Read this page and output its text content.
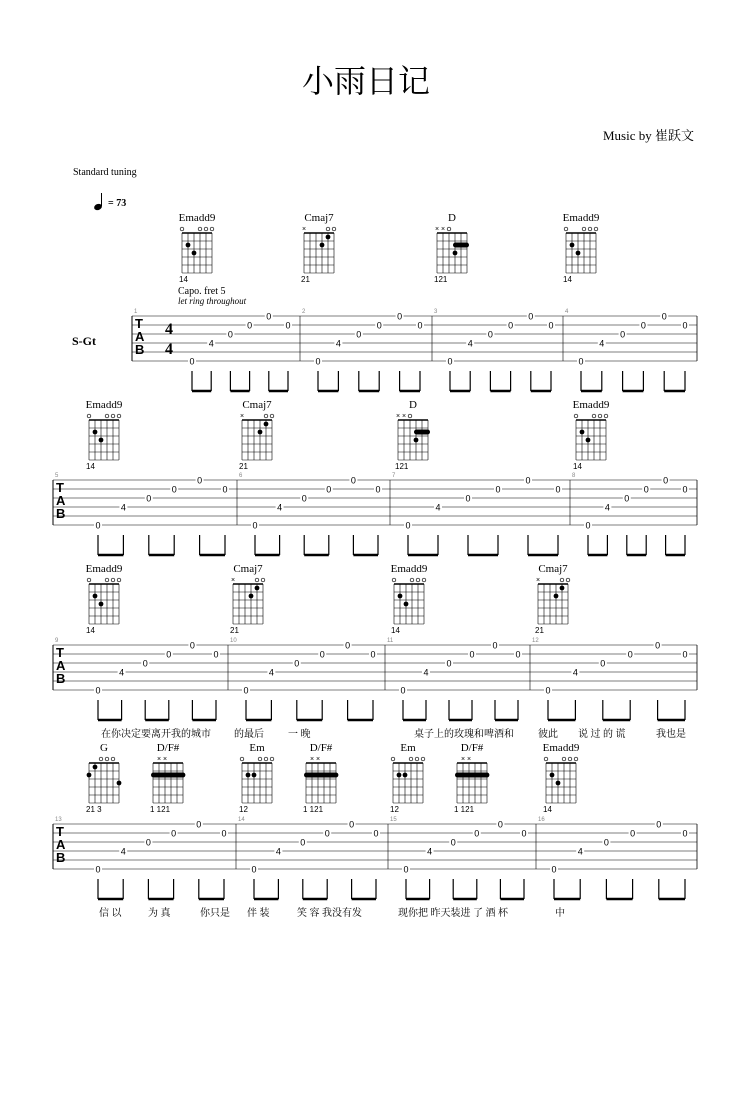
小雨日记
Music by 崔跃文
Standard tuning
= 73
Capo. fret 5
let ring throughout
S-Gt
Emadd9
14
Cmaj7
×
21
D
× ×
121
Emadd9
14
Emadd9
14
Cmaj7
×
21
D
× ×
121
Emadd9
14
Emadd9
14
Cmaj7
×
21
Emadd9
14
Cmaj7
×
21
G
21 3
D/F#
× ×
1 121
Em
12
D/F#
× ×
1 121
Em
12
D/F#
× ×
1 121
Emadd9
14
1	2	3	4
T
A
B
4
4
0
4
0
0
0
0
0
4
0
0
0
0
0
4
0
0
0
0
0
4
0
0
0
0
5	6	7	8
T
A
B
0
4
0
0
0
0
0
4
0
0
0
0
0
4
0
0
0
0
0
4
0
0
0
0
9	10	11	12
T
A
B
0
4
0
0
0
0
0
4
0
0
0
0
0
4
0
0
0
0
0
4
0
0
0
0
13	14	15	16
T
A
B
0
4
0
0
0
0
0
4
0
0
0
0
0
4
0
0
0
0
0
4
0
0
0
0
在你决定要离开我的城市 的最后 一 晚	桌子上的玫瑰和啤酒和 彼此 说 过 的 谎	我也是
信 以	为 真	你只是 伴 装	笑 容 我没有发	现你把 昨天装进 了 酒 杯	中
